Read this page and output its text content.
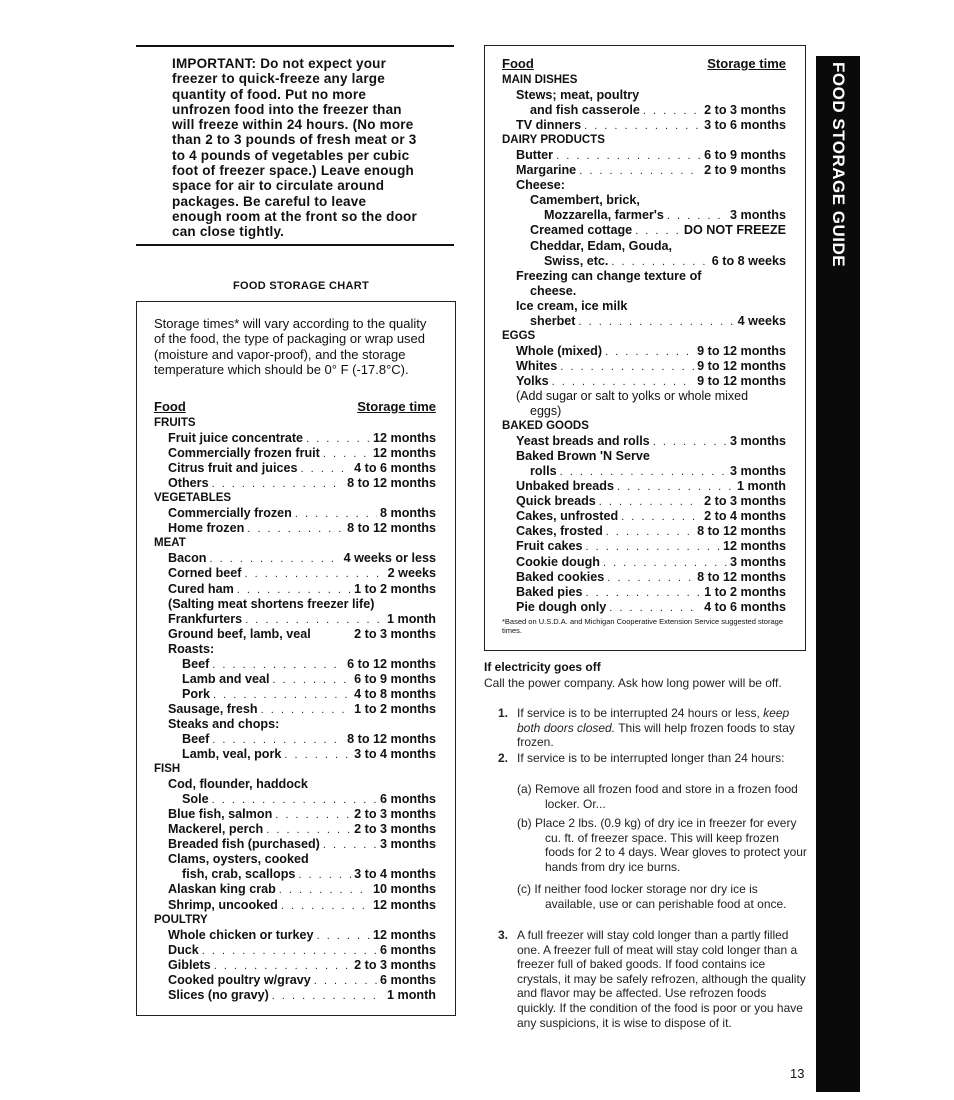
IMPORTANT: Do not expect your freezer to quick-freeze any large quantity of food. Put no more unfrozen food into the freezer than will freeze within 24 hours. (No more than 2 to 3 pounds of fresh meat or 3 to 4 pounds of vegetables per cubic foot of freezer space.) Leave enough space for air to circulate around packages. Be careful to leave enough room at the front so the door can close tightly.
FOOD STORAGE CHART
Storage times* will vary according to the quality of the food, the type of packaging or wrap used (moisture and vapor-proof), and the storage temperature which should be 0° F (-17.8°C).
Food	Storage time
FRUITS
Fruit juice concentrate . . .	12 months
Commercially frozen fruit . . .	12 months
Citrus fruit and juices . . .	4 to 6 months
Others . . .	8 to 12 months
VEGETABLES
Commercially frozen . . .	8 months
Home frozen . . .	8 to 12 months
MEAT
Bacon . . .	4 weeks or less
Corned beef . . .	2 weeks
Cured ham . . .	1 to 2 months
(Salting meat shortens freezer life)
Frankfurters . . .	1 month
Ground beef, lamb, veal	2 to 3 months
Roasts:
Beef . . .	6 to 12 months
Lamb and veal . . .	6 to 9 months
Pork . . .	4 to 8 months
Sausage, fresh . . .	1 to 2 months
Steaks and chops:
Beef . . .	8 to 12 months
Lamb, veal, pork . . .	3 to 4 months
FISH
Cod, flounder, haddock
Sole . . .	6 months
Blue fish, salmon . . .	2 to 3 months
Mackerel, perch . . .	2 to 3 months
Breaded fish (purchased) . . .	3 months
Clams, oysters, cooked
fish, crab, scallops . . .	3 to 4 months
Alaskan king crab . . .	10 months
Shrimp, uncooked . . .	12 months
POULTRY
Whole chicken or turkey . . .	12 months
Duck . . .	6 months
Giblets . . .	2 to 3 months
Cooked poultry w/gravy . . .	6 months
Slices (no gravy) . . .	1 month
Food	Storage time
MAIN DISHES
Stews; meat, poultry
and fish casserole . . .	2 to 3 months
TV dinners . . .	3 to 6 months
DAIRY PRODUCTS
Butter . . .	6 to 9 months
Margarine . . .	2 to 9 months
Cheese:
Camembert, brick,
Mozzarella, farmer's . . .	3 months
Creamed cottage . . .	DO NOT FREEZE
Cheddar, Edam, Gouda,
Swiss, etc. . . .	6 to 8 weeks
Freezing can change texture of
cheese.
Ice cream, ice milk
sherbet . . .	4 weeks
EGGS
Whole (mixed) . . .	9 to 12 months
Whites . . .	9 to 12 months
Yolks . . .	9 to 12 months
(Add sugar or salt to yolks or whole mixed
eggs)
BAKED GOODS
Yeast breads and rolls . . .	3 months
Baked Brown 'N Serve
rolls . . .	3 months
Unbaked breads . . .	1 month
Quick breads . . .	2 to 3 months
Cakes, unfrosted . . .	2 to 4 months
Cakes, frosted . . .	8 to 12 months
Fruit cakes . . .	12 months
Cookie dough . . .	3 months
Baked cookies . . .	8 to 12 months
Baked pies . . .	1 to 2 months
Pie dough only . . .	4 to 6 months
*Based on U.S.D.A. and Michigan Cooperative Extension Service suggested storage times.
If electricity goes off
Call the power company. Ask how long power will be off.
1. If service is to be interrupted 24 hours or less, keep both doors closed. This will help frozen foods to stay frozen.
2. If service is to be interrupted longer than 24 hours:
(a) Remove all frozen food and store in a frozen food locker. Or...
(b) Place 2 lbs. (0.9 kg) of dry ice in freezer for every cu. ft. of freezer space. This will keep frozen foods for 2 to 4 days. Wear gloves to protect your hands from dry ice burns.
(c) If neither food locker storage nor dry ice is available, use or can perishable food at once.
3. A full freezer will stay cold longer than a partly filled one. A freezer full of meat will stay cold longer than a freezer full of baked goods. If food contains ice crystals, it may be safely refrozen, although the quality and flavor may be affected. Use refrozen foods quickly. If the condition of the food is poor or you have any suspicions, it is wise to dispose of it.
13
FOOD STORAGE GUIDE
